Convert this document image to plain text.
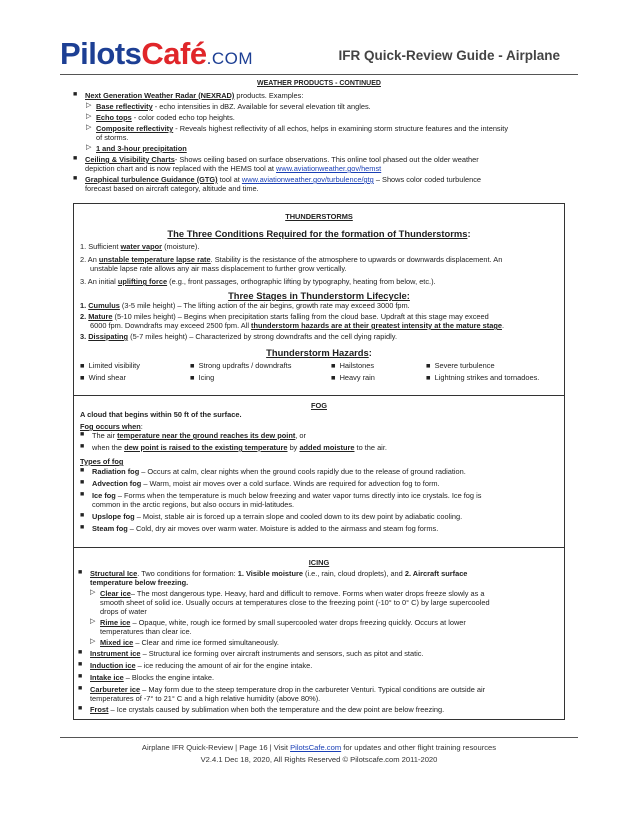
PilotsCafé.COM	IFR Quick-Review Guide - Airplane
WEATHER PRODUCTS - CONTINUED
■	Next Generation Weather Radar (NEXRAD) products. Examples:
▷ Base reflectivity - echo intensities in dBZ. Available for several elevation tilt angles.
▷ Echo tops - color coded echo top heights.
▷ Composite reflectivity - Reveals highest reflectivity of all echos, helps in examining storm structure features and the intensity
of storms.
▷ 1 and 3-hour precipitation
■	Ceiling & Visibility Charts- Shows ceiling based on surface observations. This online tool phased out the older weather
depiction chart and is now replaced with the HEMS tool at www.aviationweather.gov/hemst
■	Graphical turbulence Guidance (GTG) tool at www.aviationweather.gov/turbulence/gtg – Shows color coded turbulence
forecast based on aircraft category, altitude and time.
THUNDERSTORMS
The Three Conditions Required for the formation of Thunderstorms:
1. Sufficient water vapor (moisture).
2. An unstable temperature lapse rate. Stability is the resistance of the atmosphere to upwards or downwards displacement. An
unstable lapse rate allows any air mass displacement to further grow vertically.
3. An initial uplifting force (e.g., front passages, orthographic lifting by typography, heating from below, etc.).
Three Stages in Thunderstorm Lifecycle:
1. Cumulus (3-5 mile height) – The lifting action of the air begins, growth rate may exceed 3000 fpm.
2. Mature (5-10 miles height) – Begins when precipitation starts falling from the cloud base. Updraft at this stage may exceed
6000 fpm. Downdrafts may exceed 2500 fpm. All thunderstorm hazards are at their greatest intensity at the mature stage.
3. Dissipating (5-7 miles height) – Characterized by strong downdrafts and the cell dying rapidly.
Thunderstorm Hazards:
■  Limited visibility	■  Strong updrafts / downdrafts	■  Hailstones	■  Severe turbulence
■  Wind shear	■  Icing	■  Heavy rain	■  Lightning strikes and tornadoes.
FOG
A cloud that begins within 50 ft of the surface.
Fog occurs when:
■	The air temperature near the ground reaches its dew point, or
■	when the dew point is raised to the existing temperature by added moisture to the air.
Types of fog
■	Radiation fog – Occurs at calm, clear nights when the ground cools rapidly due to the release of ground radiation.
■	Advection fog – Warm, moist air moves over a cold surface. Winds are required for advection fog to form.
■	Ice fog – Forms when the temperature is much below freezing and water vapor turns directly into ice crystals. Ice fog is
common in the arctic regions, but also occurs in mid-latitudes.
■	Upslope fog – Moist, stable air is forced up a terrain slope and cooled down to its dew point by adiabatic cooling.
■	Steam fog – Cold, dry air moves over warm water. Moisture is added to the airmass and steam fog forms.
ICING
■	Structural Ice. Two conditions for formation: 1. Visible moisture (i.e., rain, cloud droplets), and 2. Aircraft surface
temperature below freezing.
▷ Clear ice– The most dangerous type. Heavy, hard and difficult to remove. Forms when water drops freeze slowly as a
smooth sheet of solid ice. Usually occurs at temperatures close to the freezing point (-10° to 0° C) by large supercooled
drops of water
▷ Rime ice – Opaque, white, rough ice formed by small supercooled water drops freezing quickly. Occurs at lower
temperatures than clear ice.
▷ Mixed ice – Clear and rime ice formed simultaneously.
■	Instrument ice – Structural ice forming over aircraft instruments and sensors, such as pitot and static.
■	Induction ice – ice reducing the amount of air for the engine intake.
■	Intake ice – Blocks the engine intake.
■	Carbureter ice – May form due to the steep temperature drop in the carbureter Venturi. Typical conditions are outside air
temperatures of -7° to 21° C and a high relative humidity (above 80%).
■	Frost – Ice crystals caused by sublimation when both the temperature and the dew point are below freezing.
Airplane IFR Quick-Review | Page 16 | Visit PilotsCafe.com for updates and other flight training resources
V2.4.1 Dec 18, 2020, All Rights Reserved © Pilotscafe.com 2011-2020
